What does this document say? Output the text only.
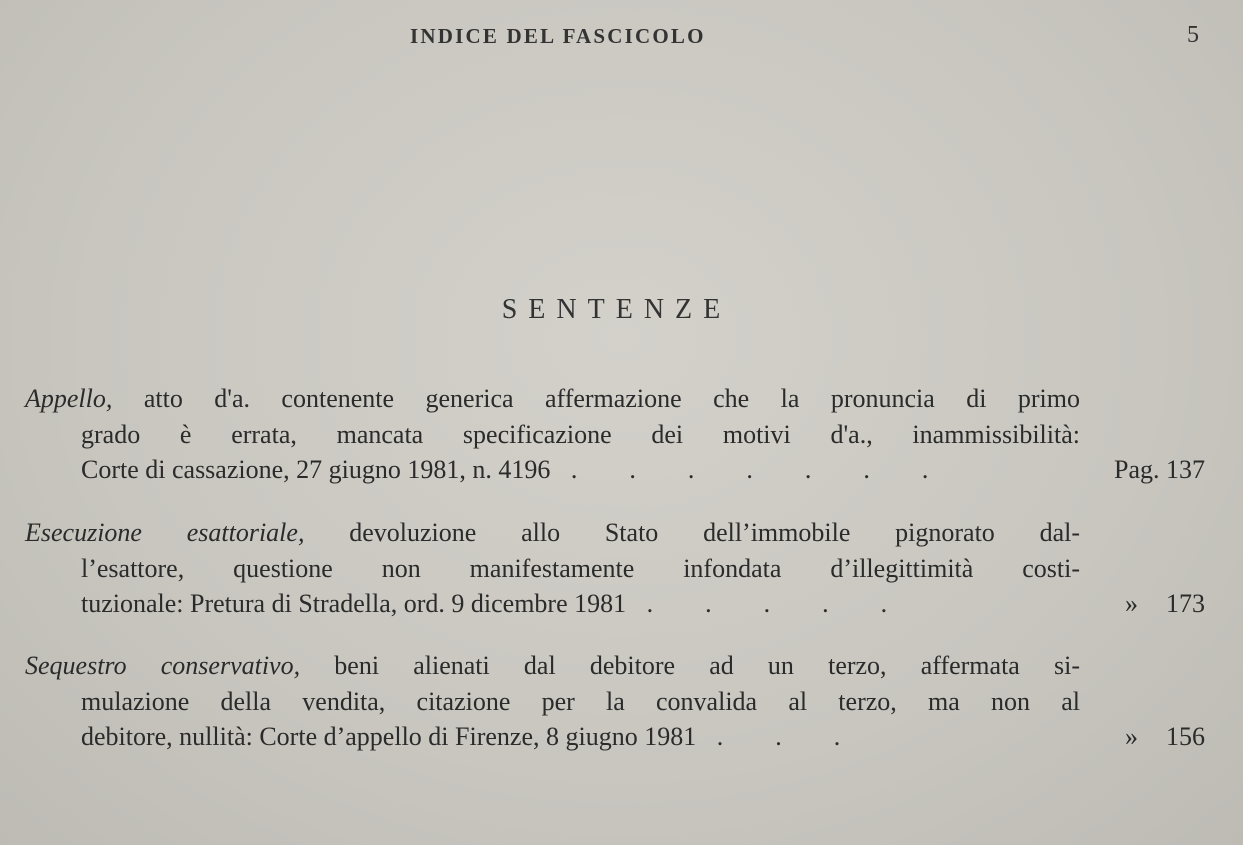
INDICE DEL FASCICOLO	5
SENTENZE
Appello, atto d'a. contenente generica affermazione che la pronuncia di primo
grado è errata, mancata specificazione dei motivi d'a., inammissibilità:
Corte di cassazione, 27 giugno 1981, n. 4196 .        .        .        .        .        .        .	Pag. 137
Esecuzione esattoriale, devoluzione allo Stato dell’immobile pignorato dal-
l’esattore, questione non manifestamente infondata d’illegittimità costi-
tuzionale: Pretura di Stradella, ord. 9 dicembre 1981 .        .        .        .        .	» 173
Sequestro conservativo, beni alienati dal debitore ad un terzo, affermata si-
mulazione della vendita, citazione per la convalida al terzo, ma non al
debitore, nullità: Corte d’appello di Firenze, 8 giugno 1981 .        .        .	» 156
